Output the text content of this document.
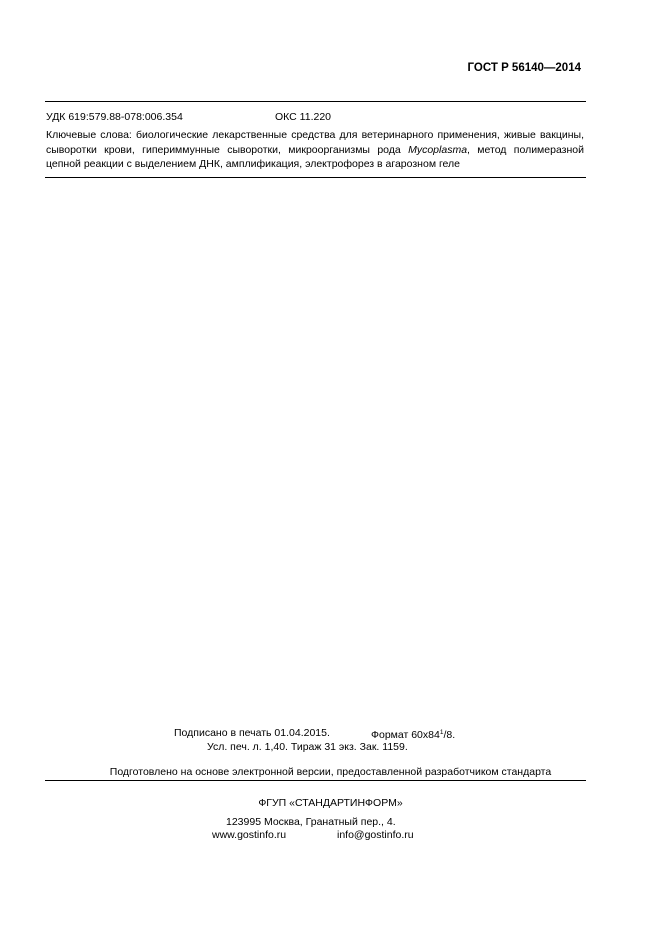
ГОСТ Р 56140—2014
УДК 619:579.88-078:006.354	ОКС 11.220
Ключевые слова: биологические лекарственные средства для ветеринарного применения, живые вакцины, сыворотки крови, гипериммунные сыворотки, микроорганизмы рода Mycoplasma, метод полимеразной цепной реакции с выделением ДНК, амплификация, электрофорез в агарозном геле
Подписано в печать 01.04.2015.	Формат $60x84^1/8$.
Усл. печ. л. 1,40. Тираж 31 экз. Зак. 1159.
Подготовлено на основе электронной версии, предоставленной разработчиком стандарта
ФГУП «СТАНДАРТИНФОРМ»
123995 Москва, Гранатный пер., 4.
www.gostinfo.ru	info@gostinfo.ru
